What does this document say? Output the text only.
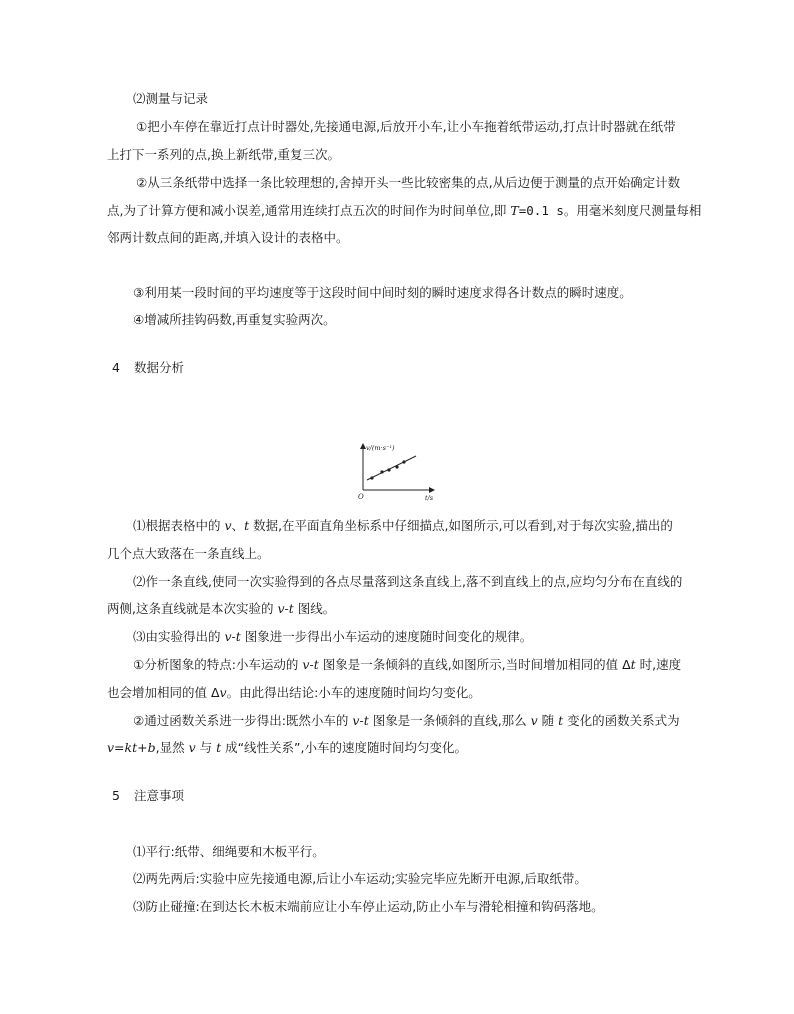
⑵测量与记录
①把小车停在靠近打点计时器处,先接通电源,后放开小车,让小车拖着纸带运动,打点计时器就在纸带
上打下一系列的点,换上新纸带,重复三次。
②从三条纸带中选择一条比较理想的,舍掉开头一些比较密集的点,从后边便于测量的点开始确定计数
点,为了计算方便和减小误差,通常用连续打点五次的时间作为时间单位,即 T=0.1 s。用毫米刻度尺测量每相
邻两计数点间的距离,并填入设计的表格中。
③利用某一段时间的平均速度等于这段时间中间时刻的瞬时速度求得各计数点的瞬时速度。
④增减所挂钩码数,再重复实验两次。
4 数据分析
v/(m·s⁻¹)
t/s
O
⑴根据表格中的 v、t 数据,在平面直角坐标系中仔细描点,如图所示,可以看到,对于每次实验,描出的
几个点大致落在一条直线上。
⑵作一条直线,使同一次实验得到的各点尽量落到这条直线上,落不到直线上的点,应均匀分布在直线的
两侧,这条直线就是本次实验的 v-t 图线。
⑶由实验得出的 v-t 图象进一步得出小车运动的速度随时间变化的规律。
①分析图象的特点:小车运动的 v-t 图象是一条倾斜的直线,如图所示,当时间增加相同的值 Δt 时,速度
也会增加相同的值 Δv。由此得出结论:小车的速度随时间均匀变化。
②通过函数关系进一步得出:既然小车的 v-t 图象是一条倾斜的直线,那么 v 随 t 变化的函数关系式为
v=kt+b,显然 v 与 t 成“线性关系”,小车的速度随时间均匀变化。
5 注意事项
⑴平行:纸带、细绳要和木板平行。
⑵两先两后:实验中应先接通电源,后让小车运动;实验完毕应先断开电源,后取纸带。
⑶防止碰撞:在到达长木板末端前应让小车停止运动,防止小车与滑轮相撞和钩码落地。
